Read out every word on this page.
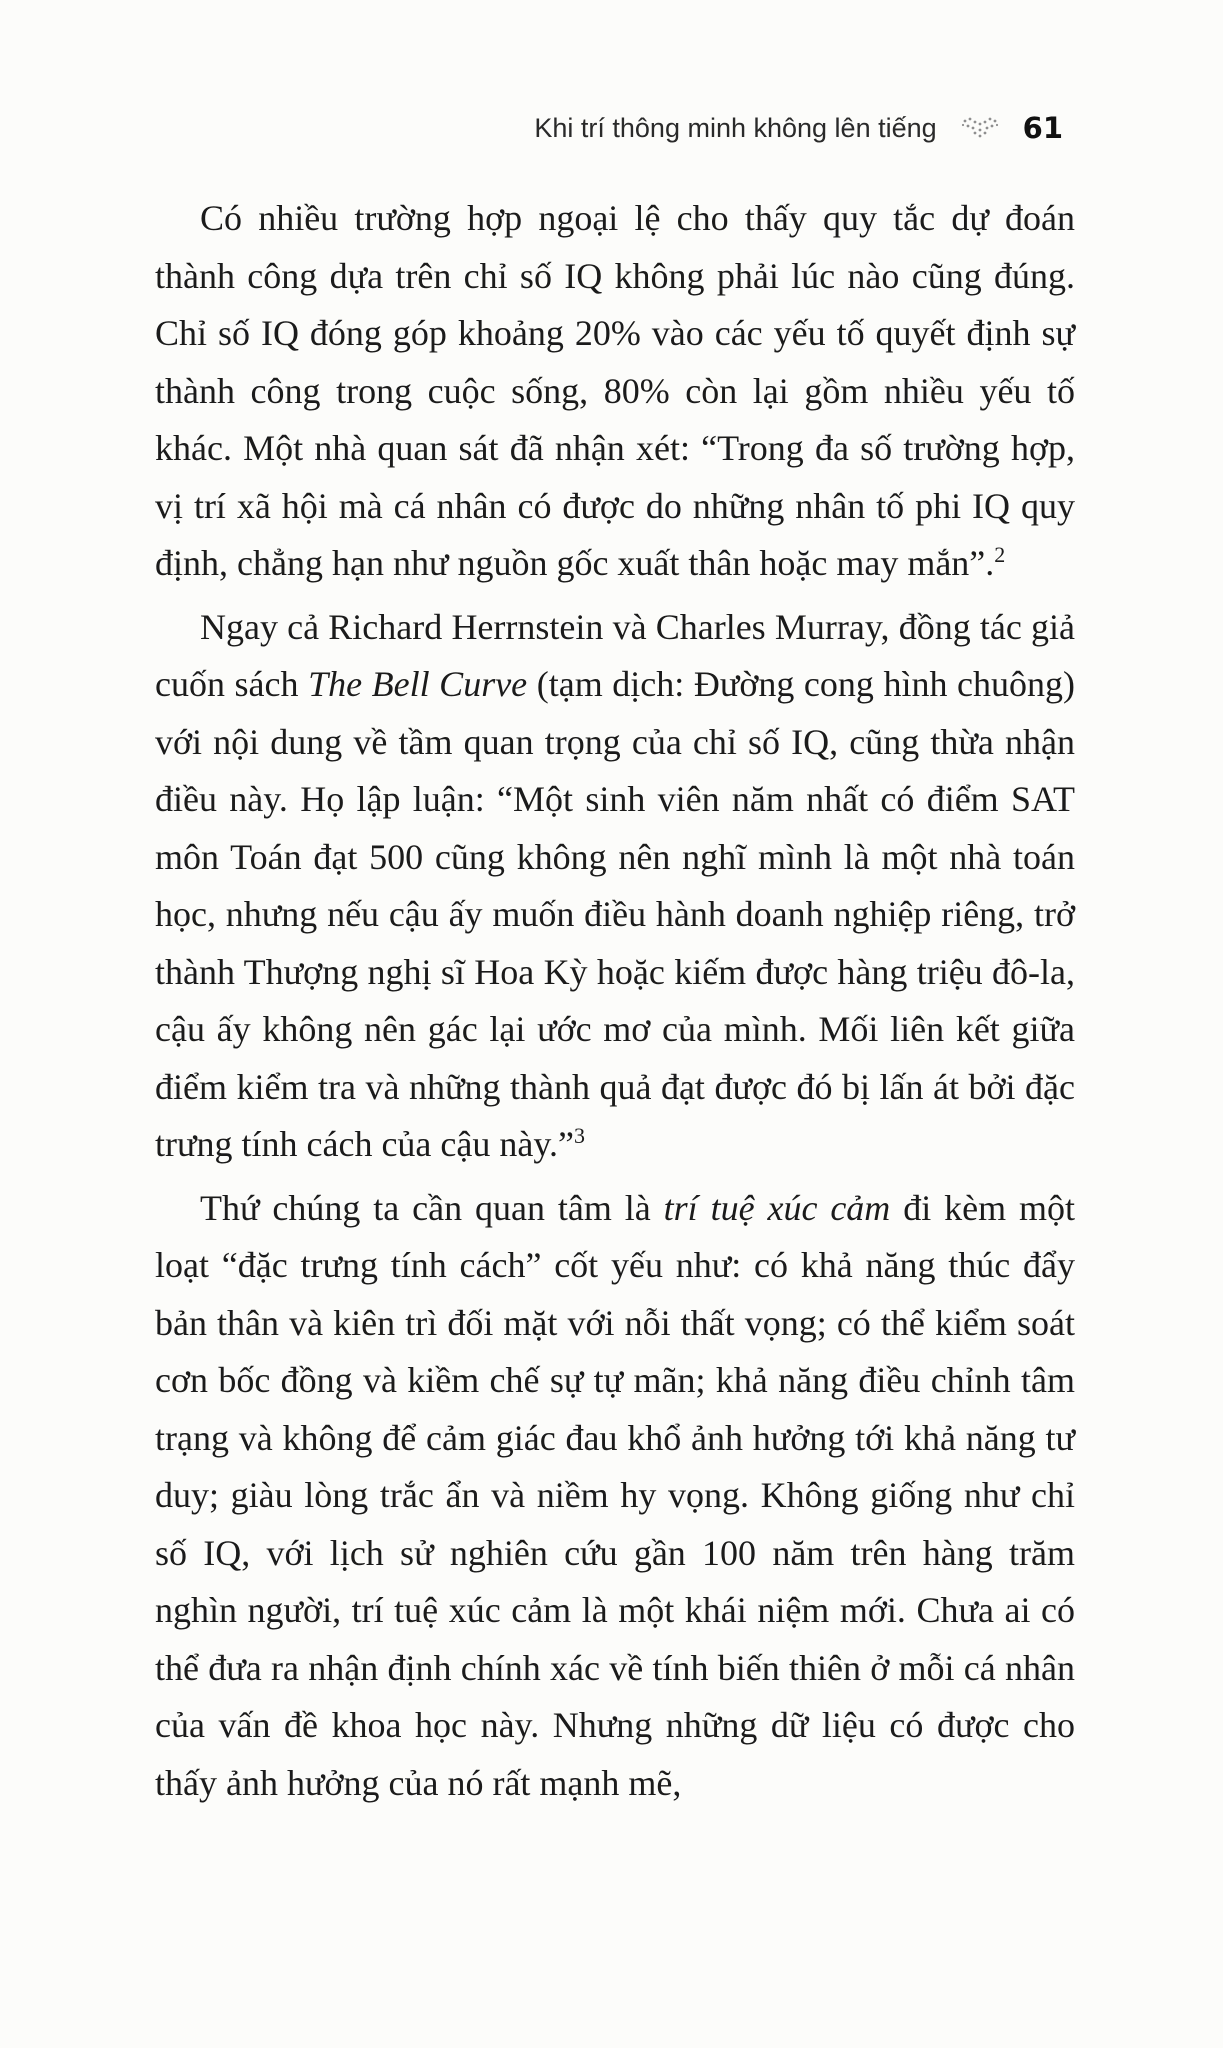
Khi trí thông minh không lên tiếng	61

Có nhiều trường hợp ngoại lệ cho thấy quy tắc dự đoán thành công dựa trên chỉ số IQ không phải lúc nào cũng đúng. Chỉ số IQ đóng góp khoảng 20% vào các yếu tố quyết định sự thành công trong cuộc sống, 80% còn lại gồm nhiều yếu tố khác. Một nhà quan sát đã nhận xét: “Trong đa số trường hợp, vị trí xã hội mà cá nhân có được do những nhân tố phi IQ quy định, chẳng hạn như nguồn gốc xuất thân hoặc may mắn”.$^2$

Ngay cả Richard Herrnstein và Charles Murray, đồng tác giả cuốn sách The Bell Curve (tạm dịch: Đường cong hình chuông) với nội dung về tầm quan trọng của chỉ số IQ, cũng thừa nhận điều này. Họ lập luận: “Một sinh viên năm nhất có điểm SAT môn Toán đạt 500 cũng không nên nghĩ mình là một nhà toán học, nhưng nếu cậu ấy muốn điều hành doanh nghiệp riêng, trở thành Thượng nghị sĩ Hoa Kỳ hoặc kiếm được hàng triệu đô-la, cậu ấy không nên gác lại ước mơ của mình. Mối liên kết giữa điểm kiểm tra và những thành quả đạt được đó bị lấn át bởi đặc trưng tính cách của cậu này.”$^3$

Thứ chúng ta cần quan tâm là trí tuệ xúc cảm đi kèm một loạt “đặc trưng tính cách” cốt yếu như: có khả năng thúc đẩy bản thân và kiên trì đối mặt với nỗi thất vọng; có thể kiểm soát cơn bốc đồng và kiềm chế sự tự mãn; khả năng điều chỉnh tâm trạng và không để cảm giác đau khổ ảnh hưởng tới khả năng tư duy; giàu lòng trắc ẩn và niềm hy vọng. Không giống như chỉ số IQ, với lịch sử nghiên cứu gần 100 năm trên hàng trăm nghìn người, trí tuệ xúc cảm là một khái niệm mới. Chưa ai có thể đưa ra nhận định chính xác về tính biến thiên ở mỗi cá nhân của vấn đề khoa học này. Nhưng những dữ liệu có được cho thấy ảnh hưởng của nó rất mạnh mẽ,
